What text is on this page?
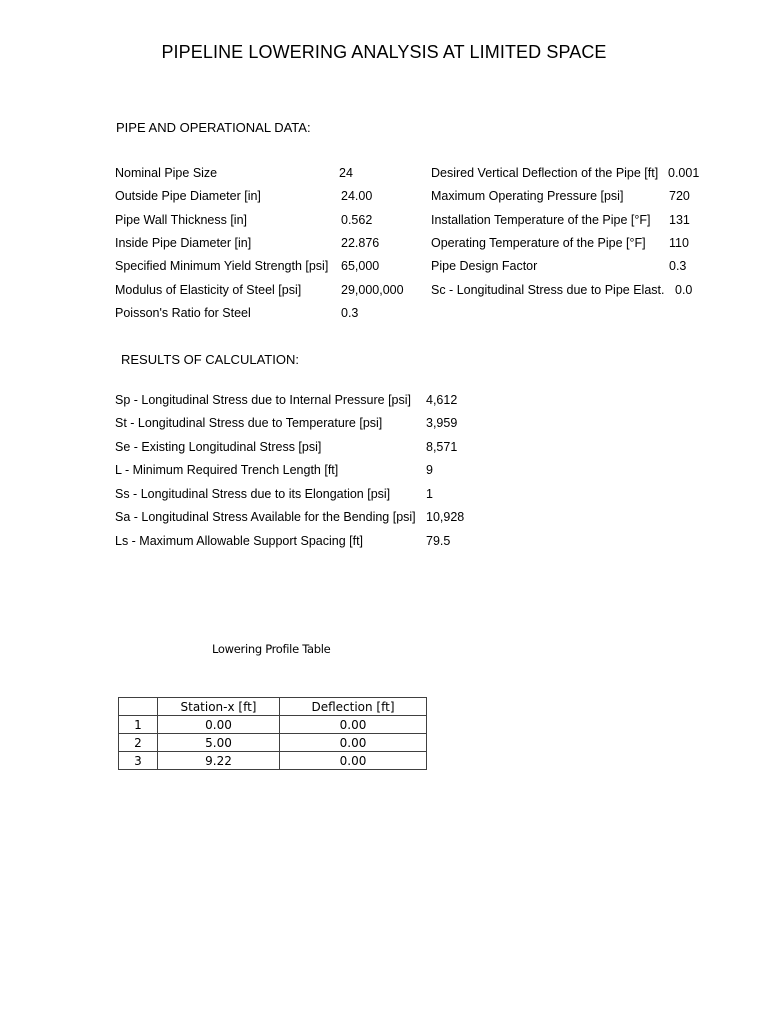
PIPELINE LOWERING ANALYSIS AT LIMITED SPACE
PIPE AND OPERATIONAL DATA:
Nominal Pipe Size	24
Outside Pipe Diameter [in]	24.00
Pipe Wall Thickness [in]	0.562
Inside Pipe Diameter [in]	22.876
Specified Minimum Yield Strength [psi] 65,000
Modulus of Elasticity of Steel [psi]	29,000,000
Poisson's Ratio for Steel	0.3
Desired Vertical Deflection of the Pipe [ft] 0.001
Maximum Operating Pressure [psi]	720
Installation Temperature of the Pipe [°F] 131
Operating Temperature of the Pipe [°F] 110
Pipe Design Factor	0.3
Sc - Longitudinal Stress due to Pipe Elast. 0.0
RESULTS OF CALCULATION:
Sp - Longitudinal Stress due to Internal Pressure [psi] 4,612
St - Longitudinal Stress due to Temperature [psi]	3,959
Se - Existing Longitudinal Stress [psi]	8,571
L - Minimum Required Trench Length [ft]	9
Ss - Longitudinal Stress due to its Elongation [psi]	1
Sa - Longitudinal Stress Available for the Bending [psi] 10,928
Ls - Maximum Allowable Support Spacing [ft]	79.5
Lowering Profile Table
	Station-x [ft]	Deflection [ft]
1	0.00	0.00
2	5.00	0.00
3	9.22	0.00
